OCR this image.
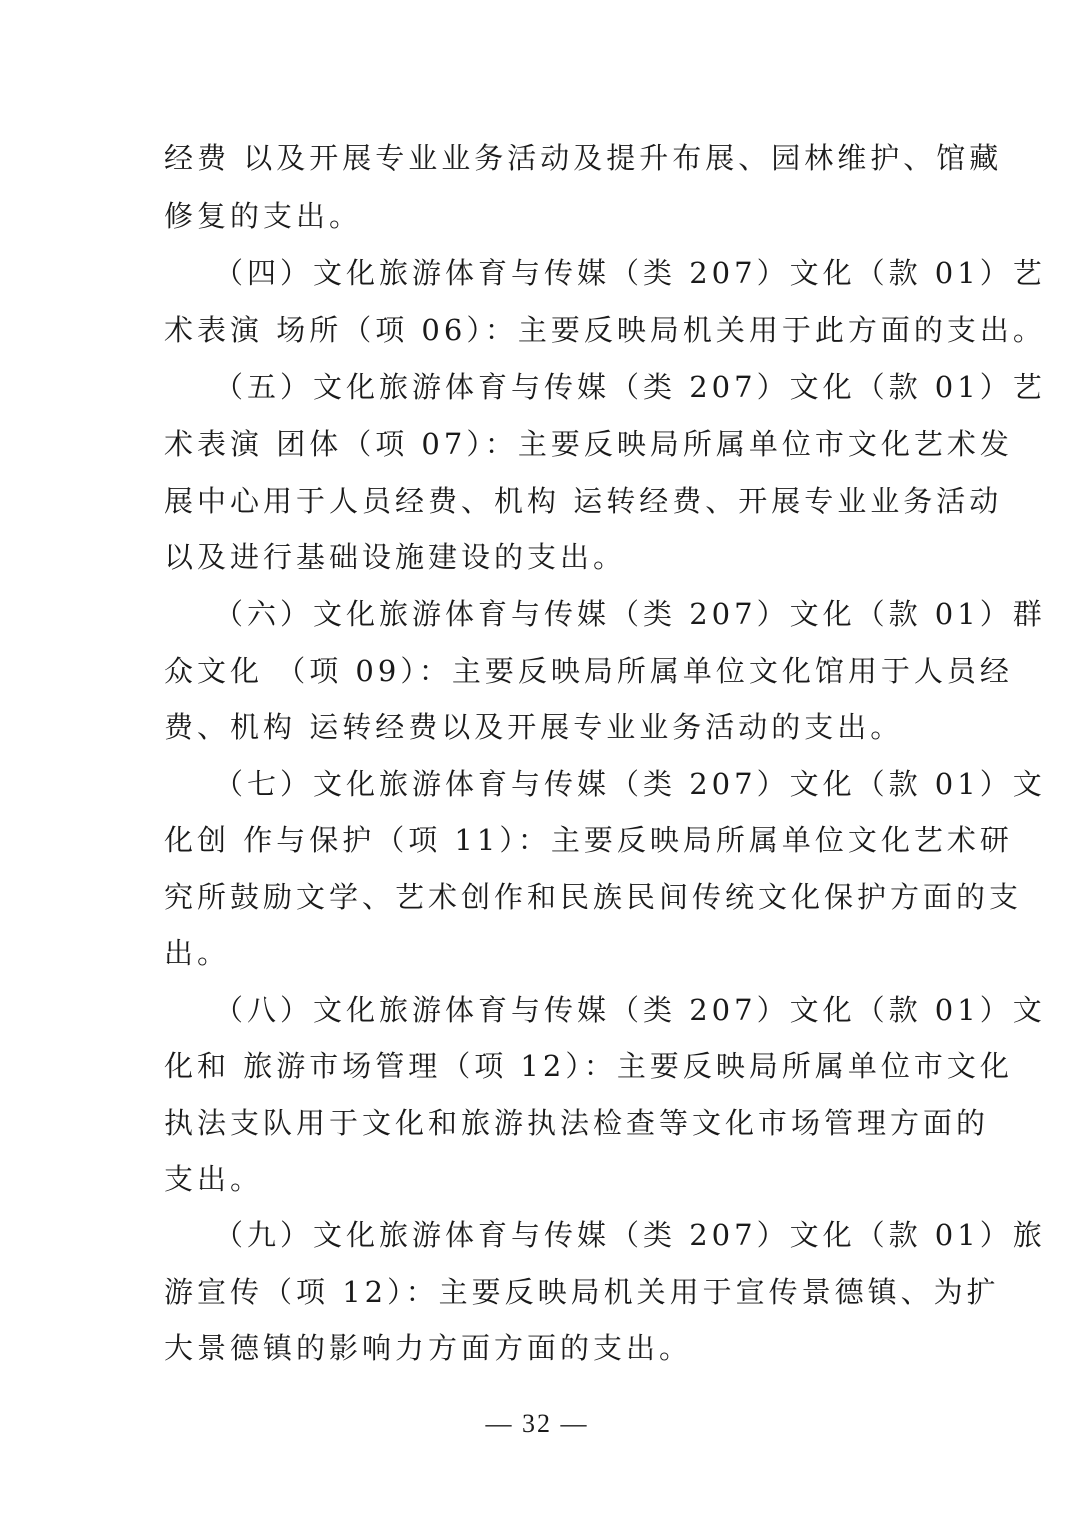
经费 以及开展专业业务活动及提升布展、园林维护、馆藏
修复的支出。
（四）文化旅游体育与传媒（类 207）文化（款 01）艺
术表演 场所（项 06）：主要反映局机关用于此方面的支出。
（五）文化旅游体育与传媒（类 207）文化（款 01）艺
术表演 团体（项 07）：主要反映局所属单位市文化艺术发
展中心用于人员经费、机构 运转经费、开展专业业务活动
以及进行基础设施建设的支出。
（六）文化旅游体育与传媒（类 207）文化（款 01）群
众文化 （项 09）：主要反映局所属单位文化馆用于人员经
费、机构 运转经费以及开展专业业务活动的支出。
（七）文化旅游体育与传媒（类 207）文化（款 01）文
化创 作与保护（项 11）：主要反映局所属单位文化艺术研
究所鼓励文学、艺术创作和民族民间传统文化保护方面的支
出。
（八）文化旅游体育与传媒（类 207）文化（款 01）文
化和 旅游市场管理（项 12）：主要反映局所属单位市文化
执法支队用于文化和旅游执法检查等文化市场管理方面的
支出。
（九）文化旅游体育与传媒（类 207）文化（款 01）旅
游宣传（项 12）：主要反映局机关用于宣传景德镇、为扩
大景德镇的影响力方面方面的支出。
— 32 —
